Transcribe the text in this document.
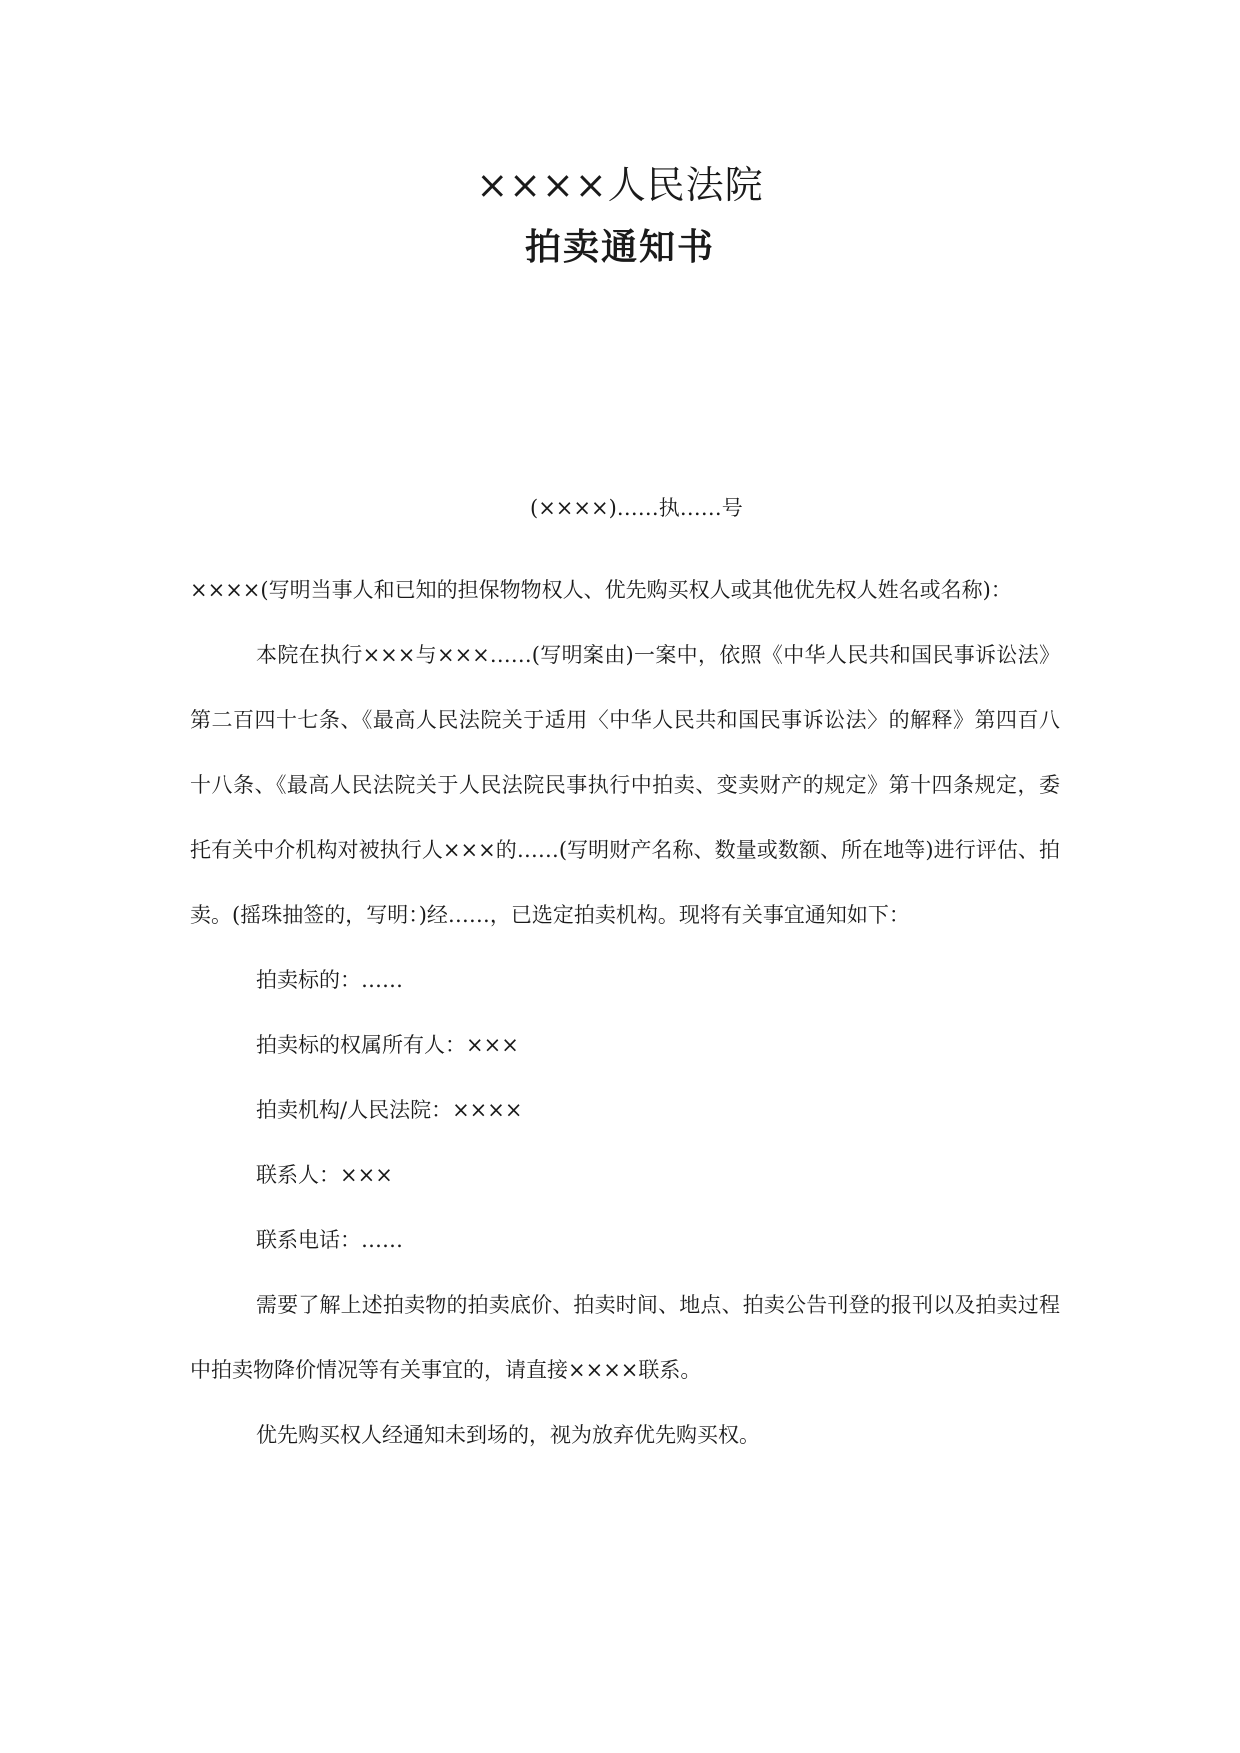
××××人民法院
拍卖通知书
(××××)……执……号

××××(写明当事人和已知的担保物物权人、优先购买权人或其他优先权人姓名或名称)：

本院在执行×××与×××……(写明案由)一案中，依照《中华人民共和国民事诉讼法》第二百四十七条、《最高人民法院关于适用〈中华人民共和国民事诉讼法〉的解释》第四百八十八条、《最高人民法院关于人民法院民事执行中拍卖、变卖财产的规定》第十四条规定，委托有关中介机构对被执行人×××的……(写明财产名称、数量或数额、所在地等)进行评估、拍卖。(摇珠抽签的，写明：)经……，已选定拍卖机构。现将有关事宜通知如下：

拍卖标的：……

拍卖标的权属所有人：×××

拍卖机构/人民法院：××××

联系人：×××

联系电话：……

需要了解上述拍卖物的拍卖底价、拍卖时间、地点、拍卖公告刊登的报刊以及拍卖过程中拍卖物降价情况等有关事宜的，请直接××××联系。

优先购买权人经通知未到场的，视为放弃优先购买权。
